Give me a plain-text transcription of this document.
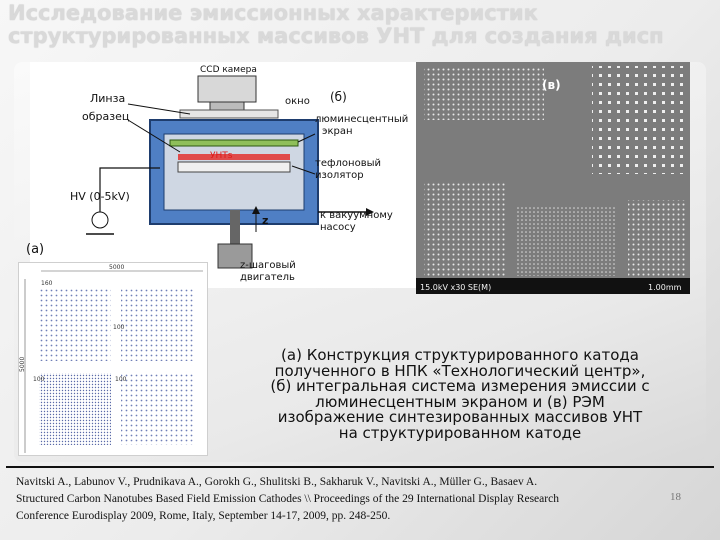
Исследование эмиссионных характеристик структурированных массивов УНТ для создания дисп
CCD камера
Линза	окно
образец	люминесцентный
экран
УНТs
тефлоновый
изолятор
HV (0-5kV)
к вакуумному
насосу
z
z-шаговый
двигатель
(б)
15.0kV x30 SE(M)	1.00mm
(в)
(a)
5000
5000
160
100
100	100
(а) Конструкция структурированного катода
полученного в НПК «Технологический центр»,
(б) интегральная система измерения эмиссии с
люминесцентным экраном и (в) РЭМ
изображение синтезированных массивов УНТ
на структурированном катоде
Navitski A., Labunov V., Prudnikava A., Gorokh G., Shulitski B., Sakharuk V., Navitski A., Müller G., Basaev A.
Structured Carbon Nanotubes Based Field Emission Cathodes \\ Proceedings of the 29 International Display Research
Conference Eurodisplay 2009, Rome, Italy, September 14-17, 2009, pp. 248-250.
18
